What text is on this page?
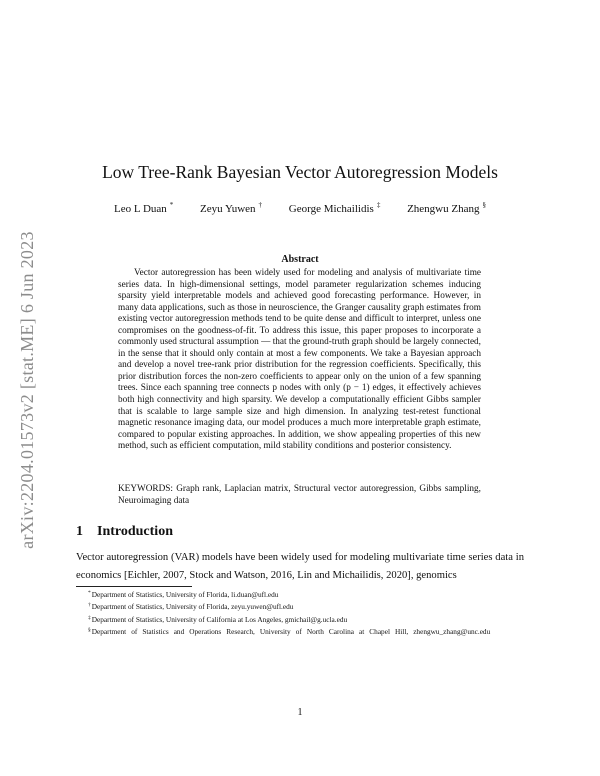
arXiv:2204.01573v2 [stat.ME] 6 Jun 2023
Low Tree-Rank Bayesian Vector Autoregression Models
Leo L Duan * Zeyu Yuwen † George Michailidis ‡ Zhengwu Zhang §
Abstract

Vector autoregression has been widely used for modeling and analysis of multivariate time series data. In high-dimensional settings, model parameter regularization schemes inducing sparsity yield interpretable models and achieved good forecasting performance. However, in many data applications, such as those in neuroscience, the Granger causality graph estimates from existing vector autoregression methods tend to be quite dense and difficult to interpret, unless one compromises on the goodness-of-fit. To address this issue, this paper proposes to incorporate a commonly used structural assumption — that the ground-truth graph should be largely connected, in the sense that it should only contain at most a few components. We take a Bayesian approach and develop a novel tree-rank prior distribution for the regression coefficients. Specifically, this prior distribution forces the non-zero coefficients to appear only on the union of a few spanning trees. Since each spanning tree connects p nodes with only (p − 1) edges, it effectively achieves both high connectivity and high sparsity. We develop a computationally efficient Gibbs sampler that is scalable to large sample size and high dimension. In analyzing test-retest functional magnetic resonance imaging data, our model produces a much more interpretable graph estimate, compared to popular existing approaches. In addition, we show appealing properties of this new method, such as efficient computation, mild stability conditions and posterior consistency.

KEYWORDS: Graph rank, Laplacian matrix, Structural vector autoregression, Gibbs sampling, Neuroimaging data

1 Introduction

Vector autoregression (VAR) models have been widely used for modeling multivariate time series data in economics [Eichler, 2007, Stock and Watson, 2016, Lin and Michailidis, 2020], genomics

*Department of Statistics, University of Florida, li.duan@ufl.edu
†Department of Statistics, University of Florida, zeyu.yuwen@ufl.edu
‡Department of Statistics, University of California at Los Angeles, gmichail@g.ucla.edu
§Department of Statistics and Operations Research, University of North Carolina at Chapel Hill, zhengwu_zhang@unc.edu
1
